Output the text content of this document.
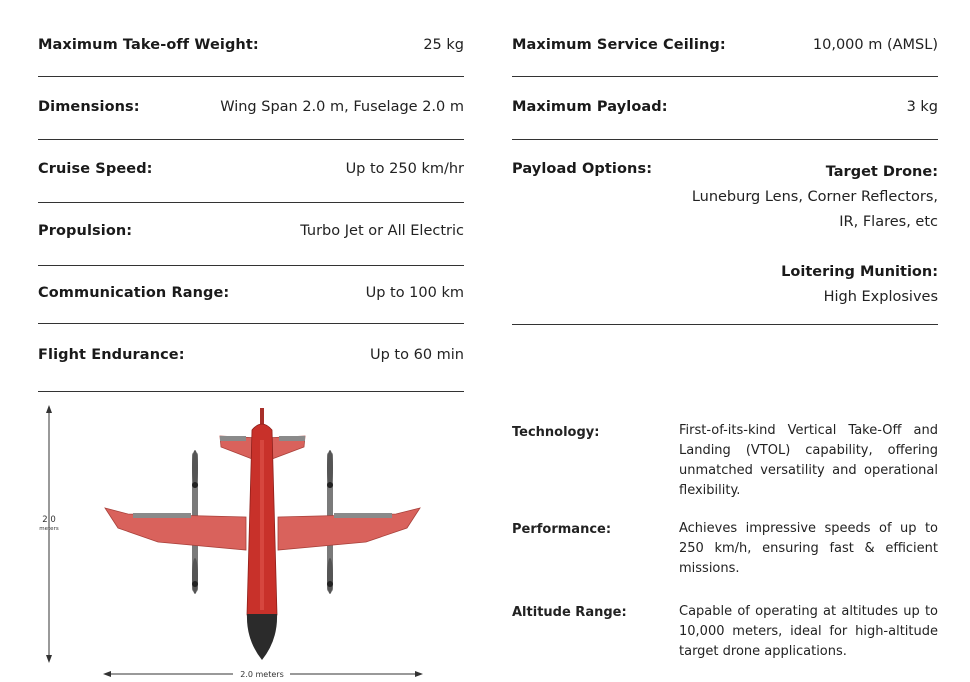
Maximum Take-off Weight:	25 kg
Dimensions:	Wing Span 2.0 m, Fuselage 2.0 m
Cruise Speed:	Up to 250 km/hr
Propulsion:	Turbo Jet or All Electric
Communication Range:	Up to 100 km
Flight Endurance:	Up to 60 min
Maximum Service Ceiling:	10,000 m (AMSL)
Maximum Payload:	3 kg
Payload Options:	Target Drone:
Luneburg Lens, Corner Reflectors,
IR, Flares, etc
Loitering Munition:
High Explosives
Technology:	First-of-its-kind Vertical Take-Off and Landing (VTOL) capability, offering unmatched versatility and operational flexibility.
Performance:	Achieves impressive speeds of up to 250 km/h, ensuring fast & efficient missions.
Altitude Range:	Capable of operating at altitudes up to 10,000 meters, ideal for high-altitude target drone applications.
2.0
meters
2.0 meters
